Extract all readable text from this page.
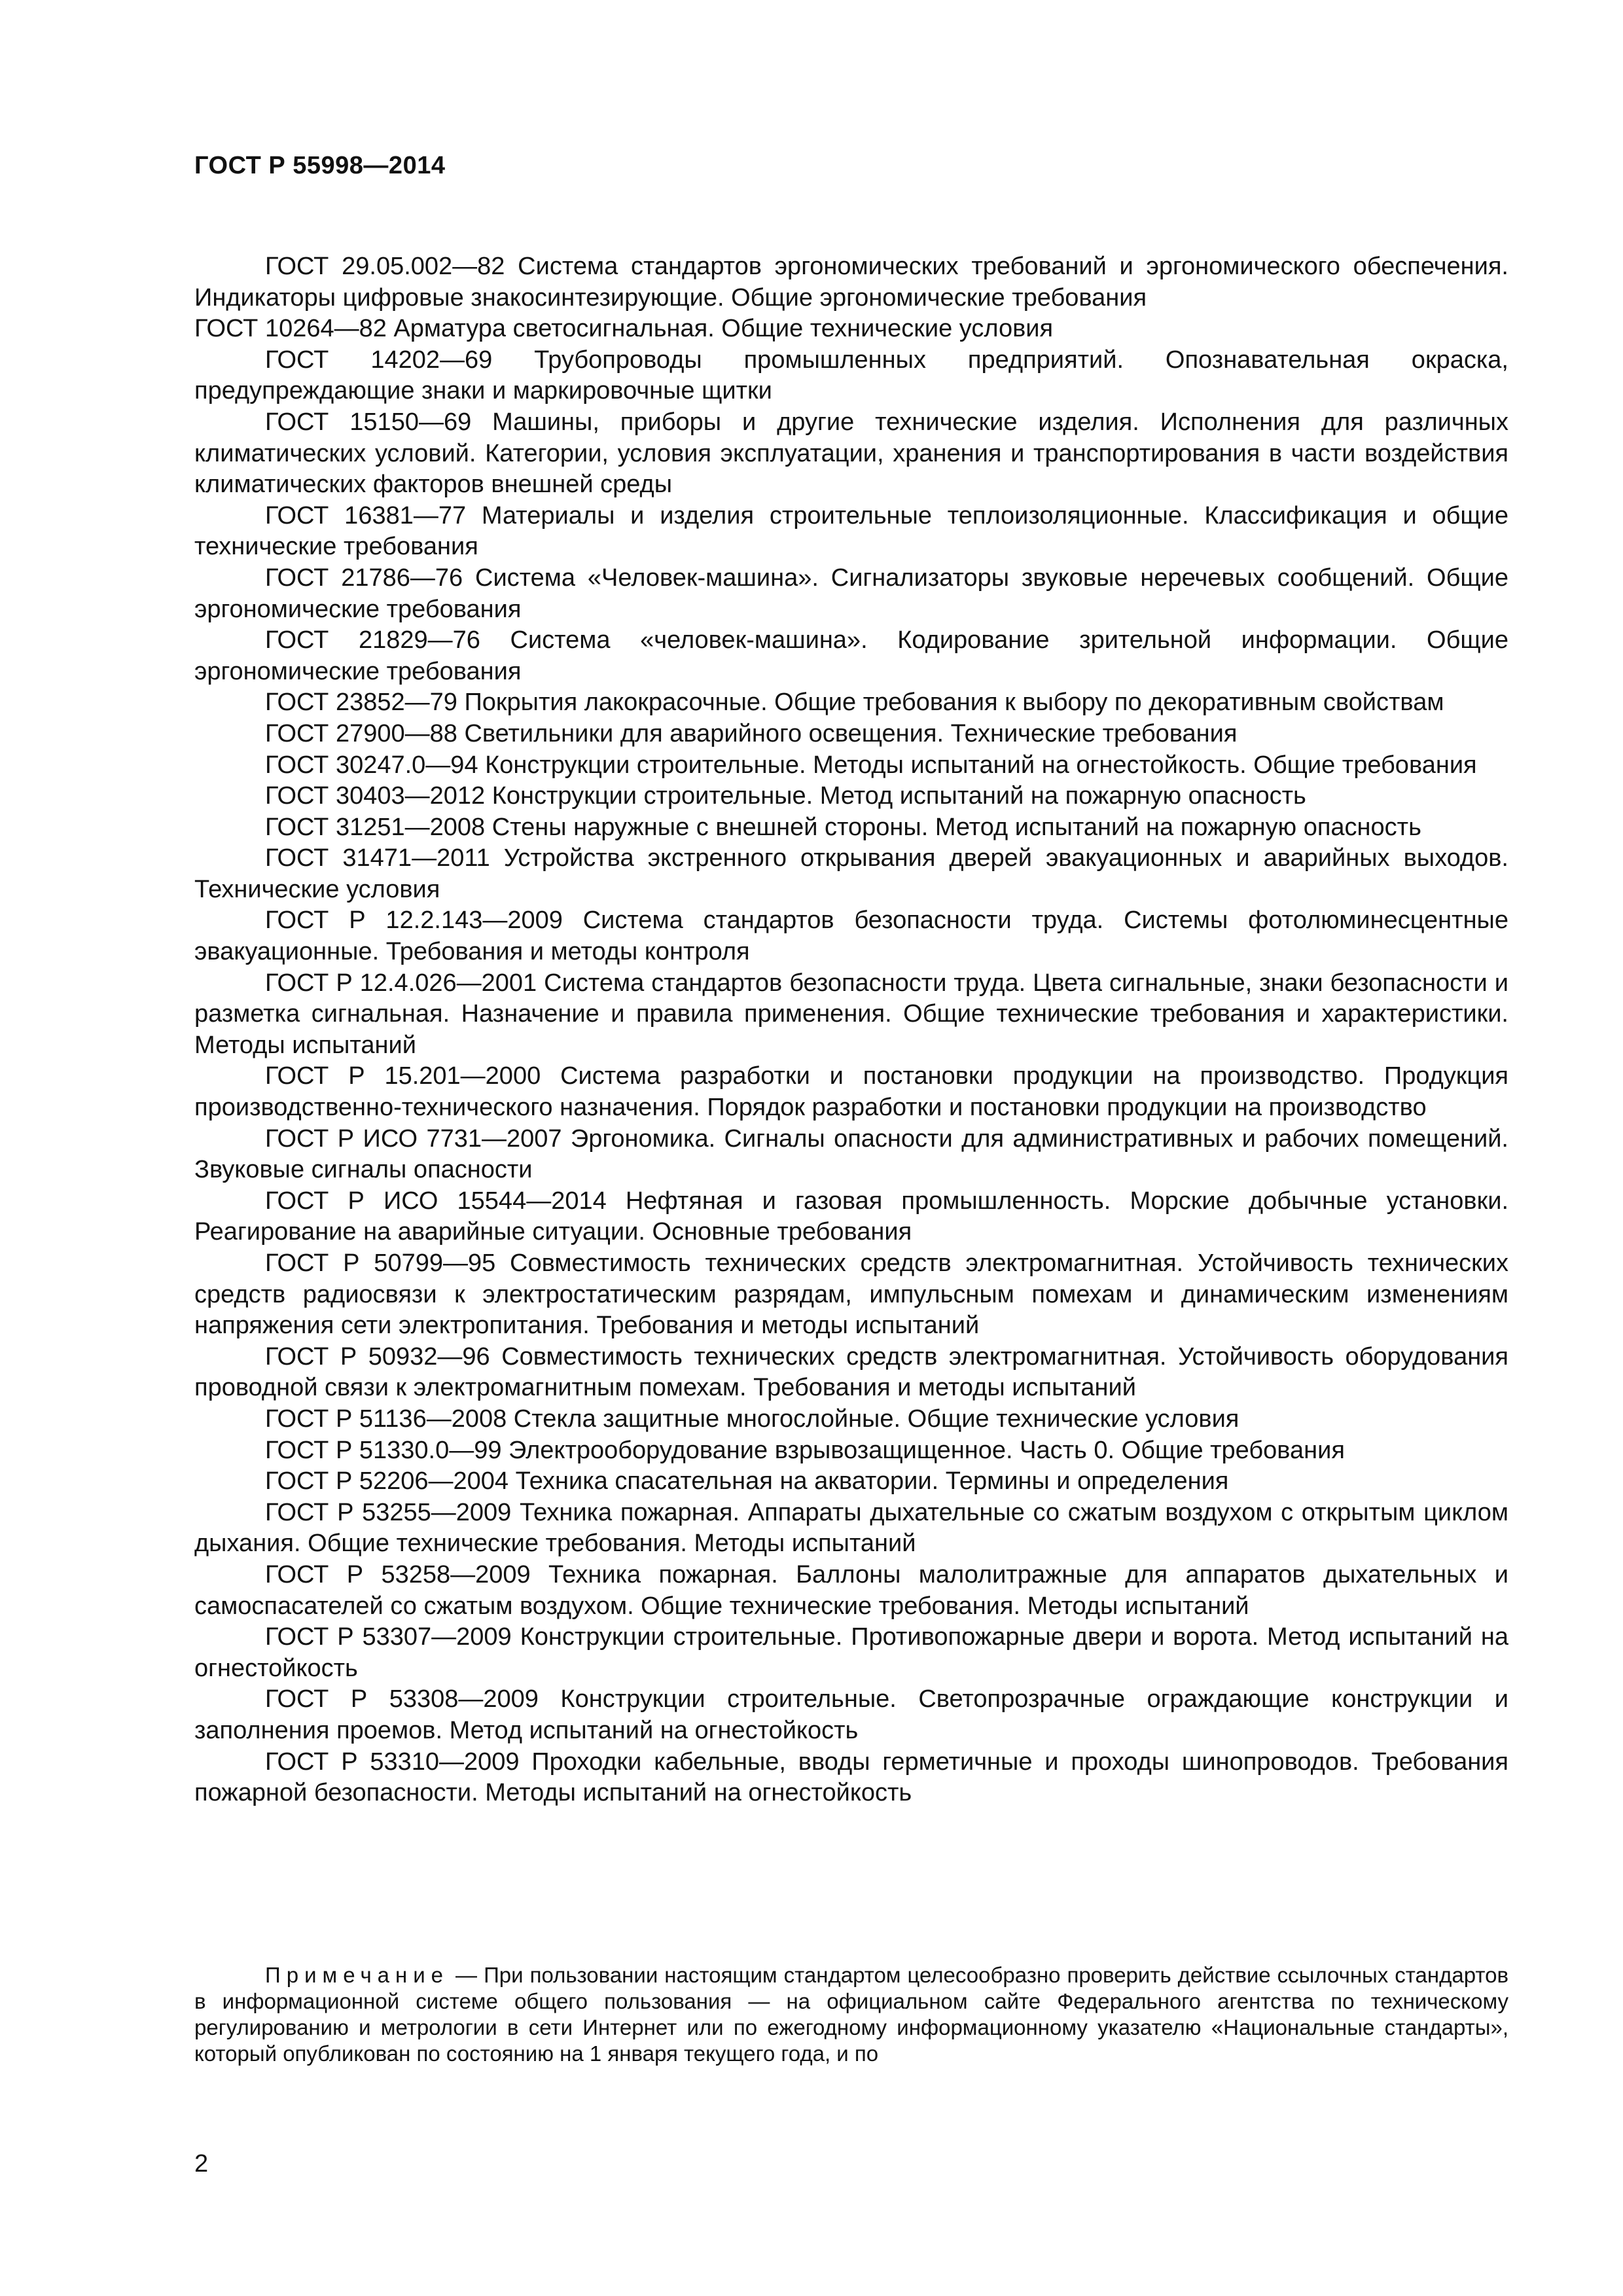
ГОСТ Р 55998—2014

ГОСТ 29.05.002—82 Система стандартов эргономических требований и эргономического обеспечения. Индикаторы цифровые знакосинтезирующие. Общие эргономические требования

ГОСТ 10264—82 Арматура светосигнальная. Общие технические условия

ГОСТ 14202—69 Трубопроводы промышленных предприятий. Опознавательная окраска, предупреждающие знаки и маркировочные щитки

ГОСТ 15150—69 Машины, приборы и другие технические изделия. Исполнения для различных климатических условий. Категории, условия эксплуатации, хранения и транспортирования в части воздействия климатических факторов внешней среды

ГОСТ 16381—77 Материалы и изделия строительные теплоизоляционные. Классификация и общие технические требования

ГОСТ 21786—76 Система «Человек-машина». Сигнализаторы звуковые неречевых сообщений. Общие эргономические требования

ГОСТ 21829—76 Система «человек-машина». Кодирование зрительной информации. Общие эргономические требования

ГОСТ 23852—79 Покрытия лакокрасочные. Общие требования к выбору по декоративным свойствам

ГОСТ 27900—88 Светильники для аварийного освещения. Технические требования

ГОСТ 30247.0—94 Конструкции строительные. Методы испытаний на огнестойкость. Общие требования

ГОСТ 30403—2012 Конструкции строительные. Метод испытаний на пожарную опасность

ГОСТ 31251—2008 Стены наружные с внешней стороны. Метод испытаний на пожарную опасность

ГОСТ 31471—2011 Устройства экстренного открывания дверей эвакуационных и аварийных выходов. Технические условия

ГОСТ Р 12.2.143—2009 Система стандартов безопасности труда. Системы фотолюминесцентные эвакуационные. Требования и методы контроля

ГОСТ Р 12.4.026—2001 Система стандартов безопасности труда. Цвета сигнальные, знаки безопасности и разметка сигнальная. Назначение и правила применения. Общие технические требования и характеристики. Методы испытаний

ГОСТ Р 15.201—2000 Система разработки и постановки продукции на производство. Продукция производственно-технического назначения. Порядок разработки и постановки продукции на производство

ГОСТ Р ИСО 7731—2007 Эргономика. Сигналы опасности для административных и рабочих помещений. Звуковые сигналы опасности

ГОСТ Р ИСО 15544—2014 Нефтяная и газовая промышленность. Морские добычные установки. Реагирование на аварийные ситуации. Основные требования

ГОСТ Р 50799—95 Совместимость технических средств электромагнитная. Устойчивость технических средств радиосвязи к электростатическим разрядам, импульсным помехам и динамическим изменениям напряжения сети электропитания. Требования и методы испытаний

ГОСТ Р 50932—96 Совместимость технических средств электромагнитная. Устойчивость оборудования проводной связи к электромагнитным помехам. Требования и методы испытаний

ГОСТ Р 51136—2008 Стекла защитные многослойные. Общие технические условия

ГОСТ Р 51330.0—99 Электрооборудование взрывозащищенное. Часть 0. Общие требования

ГОСТ Р 52206—2004 Техника спасательная на акватории. Термины и определения

ГОСТ Р 53255—2009 Техника пожарная. Аппараты дыхательные со сжатым воздухом с открытым циклом дыхания. Общие технические требования. Методы испытаний

ГОСТ Р 53258—2009 Техника пожарная. Баллоны малолитражные для аппаратов дыхательных и самоспасателей со сжатым воздухом. Общие технические требования. Методы испытаний

ГОСТ Р 53307—2009 Конструкции строительные. Противопожарные двери и ворота. Метод испытаний на огнестойкость

ГОСТ Р 53308—2009 Конструкции строительные. Светопрозрачные ограждающие конструкции и заполнения проемов. Метод испытаний на огнестойкость

ГОСТ Р 53310—2009 Проходки кабельные, вводы герметичные и проходы шинопроводов. Требования пожарной безопасности. Методы испытаний на огнестойкость

Примечание — При пользовании настоящим стандартом целесообразно проверить действие ссылочных стандартов в информационной системе общего пользования — на официальном сайте Федерального агентства по техническому регулированию и метрологии в сети Интернет или по ежегодному информационному указателю «Национальные стандарты», который опубликован по состоянию на 1 января текущего года, и по

2
